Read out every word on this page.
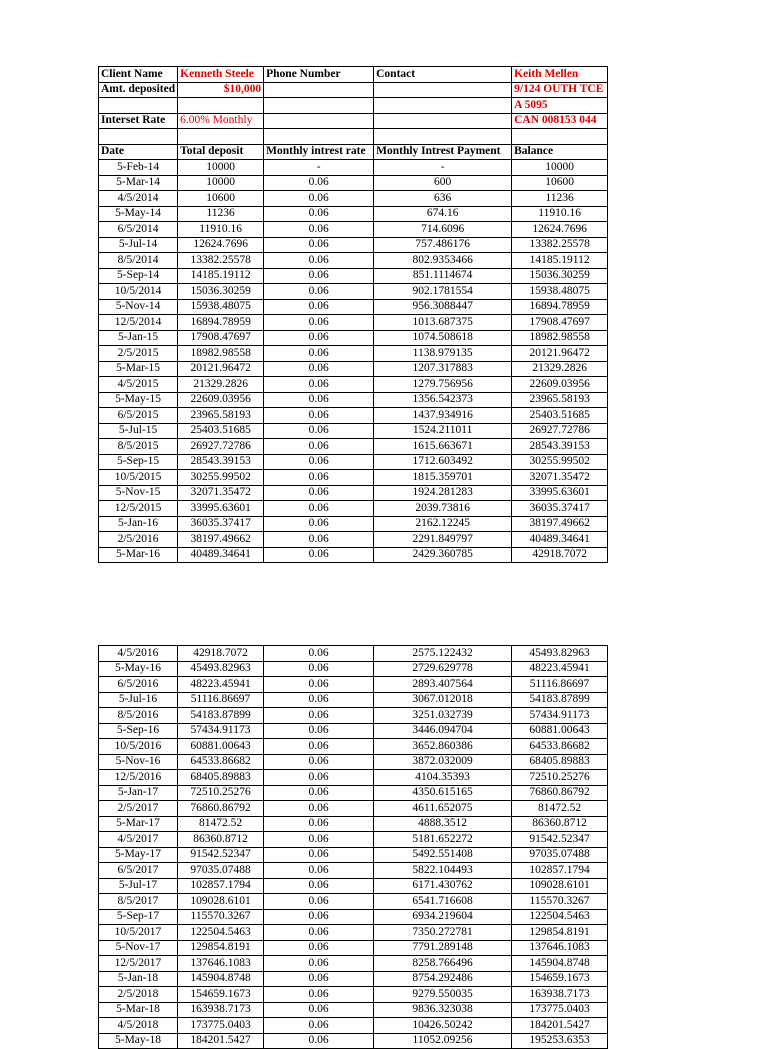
Client Name	Kenneth Steele	Phone Number	Contact	Keith Mellen
Amt. deposited	$10,000			9/124 OUTH TCE
				A 5095
Interset Rate	6.00% Monthly			CAN 008153 044

Date	Total deposit	Monthly intrest rate	Monthly Intrest Payment	Balance
5-Feb-14	10000	-	-	10000
5-Mar-14	10000	0.06	600	10600
4/5/2014	10600	0.06	636	11236
5-May-14	11236	0.06	674.16	11910.16
6/5/2014	11910.16	0.06	714.6096	12624.7696
5-Jul-14	12624.7696	0.06	757.486176	13382.25578
8/5/2014	13382.25578	0.06	802.9353466	14185.19112
5-Sep-14	14185.19112	0.06	851.1114674	15036.30259
10/5/2014	15036.30259	0.06	902.1781554	15938.48075
5-Nov-14	15938.48075	0.06	956.3088447	16894.78959
12/5/2014	16894.78959	0.06	1013.687375	17908.47697
5-Jan-15	17908.47697	0.06	1074.508618	18982.98558
2/5/2015	18982.98558	0.06	1138.979135	20121.96472
5-Mar-15	20121.96472	0.06	1207.317883	21329.2826
4/5/2015	21329.2826	0.06	1279.756956	22609.03956
5-May-15	22609.03956	0.06	1356.542373	23965.58193
6/5/2015	23965.58193	0.06	1437.934916	25403.51685
5-Jul-15	25403.51685	0.06	1524.211011	26927.72786
8/5/2015	26927.72786	0.06	1615.663671	28543.39153
5-Sep-15	28543.39153	0.06	1712.603492	30255.99502
10/5/2015	30255.99502	0.06	1815.359701	32071.35472
5-Nov-15	32071.35472	0.06	1924.281283	33995.63601
12/5/2015	33995.63601	0.06	2039.73816	36035.37417
5-Jan-16	36035.37417	0.06	2162.12245	38197.49662
2/5/2016	38197.49662	0.06	2291.849797	40489.34641
5-Mar-16	40489.34641	0.06	2429.360785	42918.7072
4/5/2016	42918.7072	0.06	2575.122432	45493.82963
5-May-16	45493.82963	0.06	2729.629778	48223.45941
6/5/2016	48223.45941	0.06	2893.407564	51116.86697
5-Jul-16	51116.86697	0.06	3067.012018	54183.87899
8/5/2016	54183.87899	0.06	3251.032739	57434.91173
5-Sep-16	57434.91173	0.06	3446.094704	60881.00643
10/5/2016	60881.00643	0.06	3652.860386	64533.86682
5-Nov-16	64533.86682	0.06	3872.032009	68405.89883
12/5/2016	68405.89883	0.06	4104.35393	72510.25276
5-Jan-17	72510.25276	0.06	4350.615165	76860.86792
2/5/2017	76860.86792	0.06	4611.652075	81472.52
5-Mar-17	81472.52	0.06	4888.3512	86360.8712
4/5/2017	86360.8712	0.06	5181.652272	91542.52347
5-May-17	91542.52347	0.06	5492.551408	97035.07488
6/5/2017	97035.07488	0.06	5822.104493	102857.1794
5-Jul-17	102857.1794	0.06	6171.430762	109028.6101
8/5/2017	109028.6101	0.06	6541.716608	115570.3267
5-Sep-17	115570.3267	0.06	6934.219604	122504.5463
10/5/2017	122504.5463	0.06	7350.272781	129854.8191
5-Nov-17	129854.8191	0.06	7791.289148	137646.1083
12/5/2017	137646.1083	0.06	8258.766496	145904.8748
5-Jan-18	145904.8748	0.06	8754.292486	154659.1673
2/5/2018	154659.1673	0.06	9279.550035	163938.7173
5-Mar-18	163938.7173	0.06	9836.323038	173775.0403
4/5/2018	173775.0403	0.06	10426.50242	184201.5427
5-May-18	184201.5427	0.06	11052.09256	195253.6353
